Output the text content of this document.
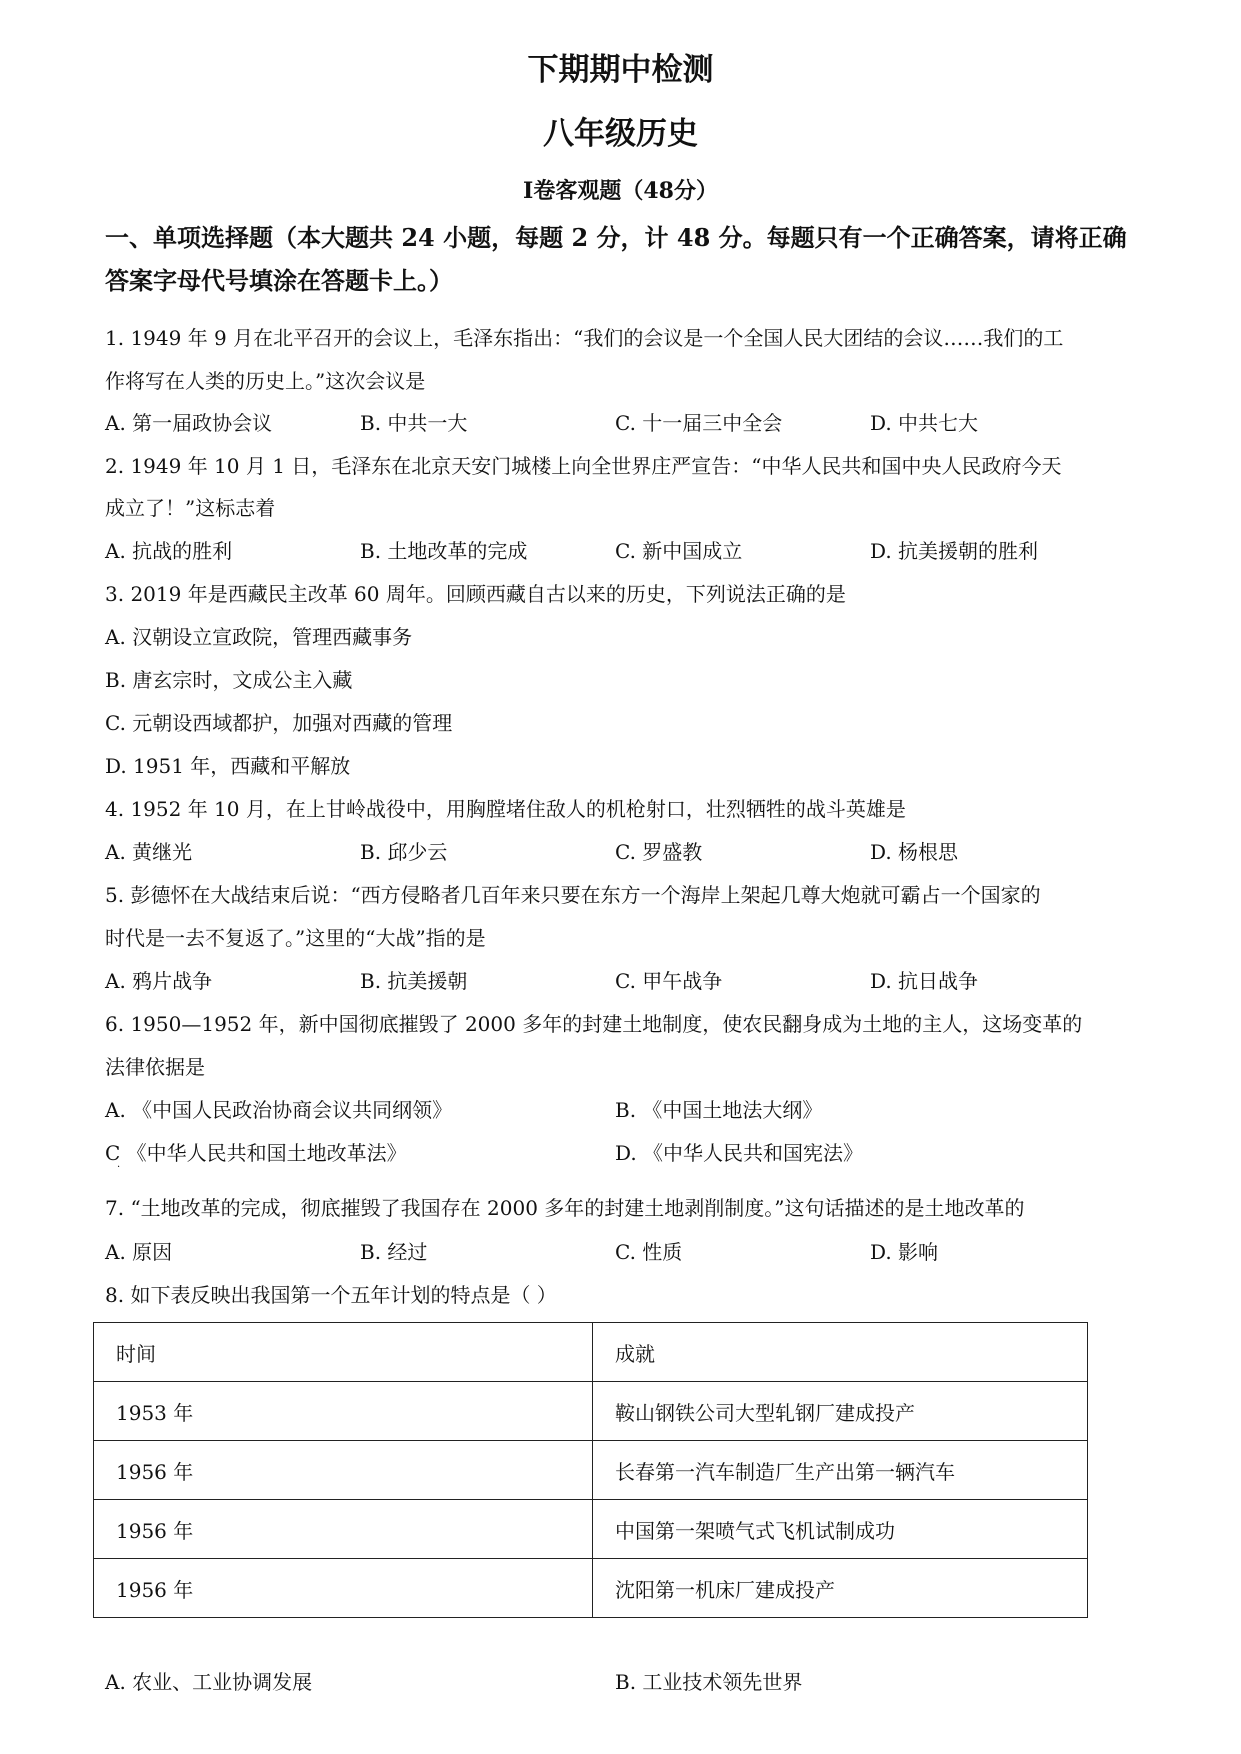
下期期中检测
八年级历史
I卷客观题（48分）
一、单项选择题（本大题共 24 小题，每题 2 分，计 48 分。每题只有一个正确答案，请将正确
答案字母代号填涂在答题卡上。）
1. 1949 年 9 月在北平召开的会议上，毛泽东指出：“我们的会议是一个全国人民大团结的会议……我们的工
作将写在人类的历史上。”这次会议是
A. 第一届政协会议	B. 中共一大	C. 十一届三中全会	D. 中共七大
2. 1949 年 10 月 1 日，毛泽东在北京天安门城楼上向全世界庄严宣告：“中华人民共和国中央人民政府今天
成立了！”这标志着
A. 抗战的胜利	B. 土地改革的完成	C. 新中国成立	D. 抗美援朝的胜利
3. 2019 年是西藏民主改革 60 周年。回顾西藏自古以来的历史，下列说法正确的是
A. 汉朝设立宣政院，管理西藏事务
B. 唐玄宗时，文成公主入藏
C. 元朝设西域都护，加强对西藏的管理
D. 1951 年，西藏和平解放
4. 1952 年 10 月，在上甘岭战役中，用胸膛堵住敌人的机枪射口，壮烈牺牲的战斗英雄是
A. 黄继光	B. 邱少云	C. 罗盛教	D. 杨根思
5. 彭德怀在大战结束后说：“西方侵略者几百年来只要在东方一个海岸上架起几尊大炮就可霸占一个国家的
时代是一去不复返了。”这里的“大战”指的是
A. 鸦片战争	B. 抗美援朝	C. 甲午战争	D. 抗日战争
6. 1950—1952 年，新中国彻底摧毁了 2000 多年的封建土地制度，使农民翻身成为土地的主人，这场变革的
法律依据是
A. 《中国人民政治协商会议共同纲领》	B. 《中国土地法大纲》
C 《中华人民共和国土地改革法》
·
D. 《中华人民共和国宪法》
7. “土地改革的完成，彻底摧毁了我国存在 2000 多年的封建土地剥削制度。”这句话描述的是土地改革的
A. 原因	B. 经过	C. 性质	D. 影响
8. 如下表反映出我国第一个五年计划的特点是（ ）
时间	成就
1953 年	鞍山钢铁公司大型轧钢厂建成投产
1956 年	长春第一汽车制造厂生产出第一辆汽车
1956 年	中国第一架喷气式飞机试制成功
1956 年	沈阳第一机床厂建成投产
A. 农业、工业协调发展	B. 工业技术领先世界
